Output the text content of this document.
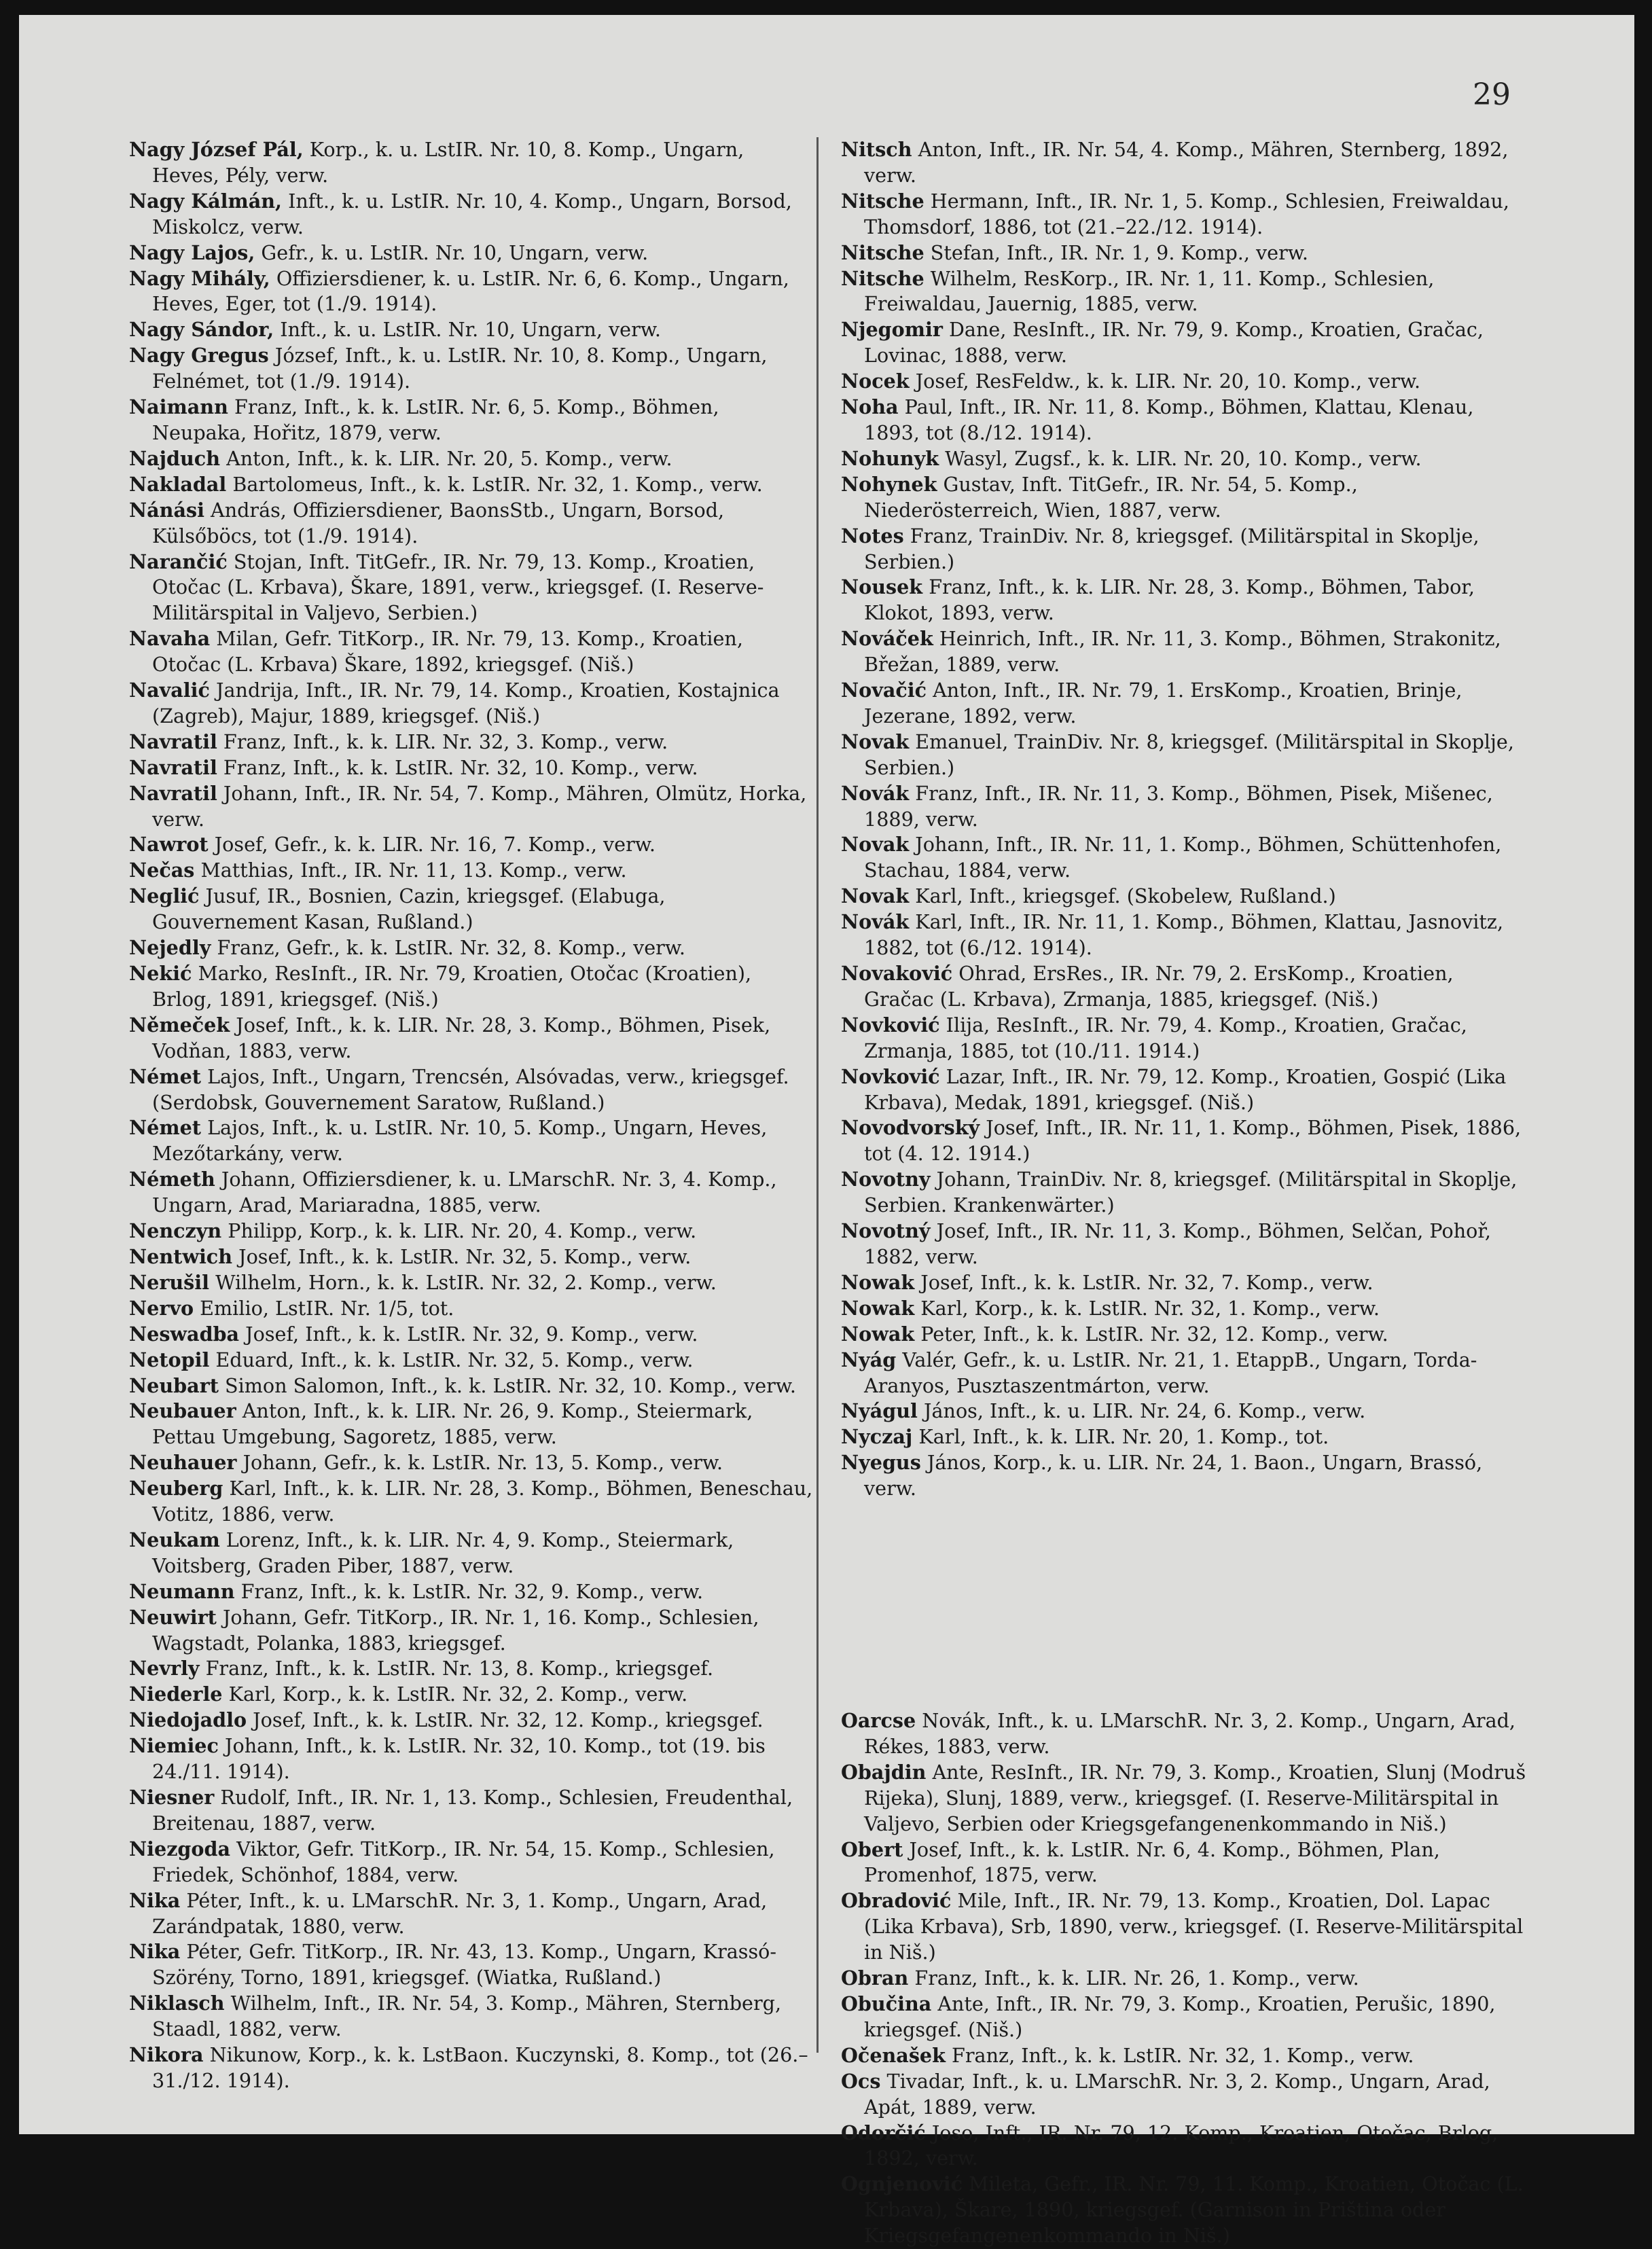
29
Nagy József Pál, Korp., k. u. LstIR. Nr. 10, 8. Komp., Ungarn, Heves, Pély, verw.
Nagy Kálmán, Inft., k. u. LstIR. Nr. 10, 4. Komp., Ungarn, Borsod, Miskolcz, verw.
Nagy Lajos, Gefr., k. u. LstIR. Nr. 10, Ungarn, verw.
Nagy Mihály, Offiziersdiener, k. u. LstIR. Nr. 6, 6. Komp., Ungarn, Heves, Eger, tot (1./9. 1914).
Nagy Sándor, Inft., k. u. LstIR. Nr. 10, Ungarn, verw.
Nagy Gregus József, Inft., k. u. LstIR. Nr. 10, 8. Komp., Ungarn, Felnémet, tot (1./9. 1914).
Naimann Franz, Inft., k. k. LstIR. Nr. 6, 5. Komp., Böhmen, Neupaka, Hořitz, 1879, verw.
Najduch Anton, Inft., k. k. LIR. Nr. 20, 5. Komp., verw.
Nakladal Bartolomeus, Inft., k. k. LstIR. Nr. 32, 1. Komp., verw.
Nánási András, Offiziersdiener, BaonsStb., Ungarn, Borsod, Külsőböcs, tot (1./9. 1914).
Narančić Stojan, Inft. TitGefr., IR. Nr. 79, 13. Komp., Kroatien, Otočac (L. Krbava), Škare, 1891, verw., kriegsgef. (I. Reserve-Militärspital in Valjevo, Serbien.)
Navaha Milan, Gefr. TitKorp., IR. Nr. 79, 13. Komp., Kroatien, Otočac (L. Krbava) Škare, 1892, kriegsgef. (Niš.)
Navalić Jandrija, Inft., IR. Nr. 79, 14. Komp., Kroatien, Kostajnica (Zagreb), Majur, 1889, kriegsgef. (Niš.)
Navratil Franz, Inft., k. k. LIR. Nr. 32, 3. Komp., verw.
Navratil Franz, Inft., k. k. LstIR. Nr. 32, 10. Komp., verw.
Navratil Johann, Inft., IR. Nr. 54, 7. Komp., Mähren, Olmütz, Horka, verw.
Nawrot Josef, Gefr., k. k. LIR. Nr. 16, 7. Komp., verw.
Nečas Matthias, Inft., IR. Nr. 11, 13. Komp., verw.
Neglić Jusuf, IR., Bosnien, Cazin, kriegsgef. (Elabuga, Gouvernement Kasan, Rußland.)
Nejedly Franz, Gefr., k. k. LstIR. Nr. 32, 8. Komp., verw.
Nekić Marko, ResInft., IR. Nr. 79, Kroatien, Otočac (Kroatien), Brlog, 1891, kriegsgef. (Niš.)
Němeček Josef, Inft., k. k. LIR. Nr. 28, 3. Komp., Böhmen, Pisek, Vodňan, 1883, verw.
Német Lajos, Inft., Ungarn, Trencsén, Alsóvadas, verw., kriegsgef. (Serdobsk, Gouvernement Saratow, Rußland.)
Német Lajos, Inft., k. u. LstIR. Nr. 10, 5. Komp., Ungarn, Heves, Mezőtarkány, verw.
Németh Johann, Offiziersdiener, k. u. LMarschR. Nr. 3, 4. Komp., Ungarn, Arad, Mariaradna, 1885, verw.
Nenczyn Philipp, Korp., k. k. LIR. Nr. 20, 4. Komp., verw.
Nentwich Josef, Inft., k. k. LstIR. Nr. 32, 5. Komp., verw.
Nerušil Wilhelm, Horn., k. k. LstIR. Nr. 32, 2. Komp., verw.
Nervo Emilio, LstIR. Nr. 1/5, tot.
Neswadba Josef, Inft., k. k. LstIR. Nr. 32, 9. Komp., verw.
Netopil Eduard, Inft., k. k. LstIR. Nr. 32, 5. Komp., verw.
Neubart Simon Salomon, Inft., k. k. LstIR. Nr. 32, 10. Komp., verw.
Neubauer Anton, Inft., k. k. LIR. Nr. 26, 9. Komp., Steiermark, Pettau Umgebung, Sagoretz, 1885, verw.
Neuhauer Johann, Gefr., k. k. LstIR. Nr. 13, 5. Komp., verw.
Neuberg Karl, Inft., k. k. LIR. Nr. 28, 3. Komp., Böhmen, Beneschau, Votitz, 1886, verw.
Neukam Lorenz, Inft., k. k. LIR. Nr. 4, 9. Komp., Steiermark, Voitsberg, Graden Piber, 1887, verw.
Neumann Franz, Inft., k. k. LstIR. Nr. 32, 9. Komp., verw.
Neuwirt Johann, Gefr. TitKorp., IR. Nr. 1, 16. Komp., Schlesien, Wagstadt, Polanka, 1883, kriegsgef.
Nevrly Franz, Inft., k. k. LstIR. Nr. 13, 8. Komp., kriegsgef.
Niederle Karl, Korp., k. k. LstIR. Nr. 32, 2. Komp., verw.
Niedojadlo Josef, Inft., k. k. LstIR. Nr. 32, 12. Komp., kriegsgef.
Niemiec Johann, Inft., k. k. LstIR. Nr. 32, 10. Komp., tot (19. bis 24./11. 1914).
Niesner Rudolf, Inft., IR. Nr. 1, 13. Komp., Schlesien, Freudenthal, Breitenau, 1887, verw.
Niezgoda Viktor, Gefr. TitKorp., IR. Nr. 54, 15. Komp., Schlesien, Friedek, Schönhof, 1884, verw.
Nika Péter, Inft., k. u. LMarschR. Nr. 3, 1. Komp., Ungarn, Arad, Zarándpatak, 1880, verw.
Nika Péter, Gefr. TitKorp., IR. Nr. 43, 13. Komp., Ungarn, Krassó-Szörény, Torno, 1891, kriegsgef. (Wiatka, Rußland.)
Niklasch Wilhelm, Inft., IR. Nr. 54, 3. Komp., Mähren, Sternberg, Staadl, 1882, verw.
Nikora Nikunow, Korp., k. k. LstBaon. Kuczynski, 8. Komp., tot (26.–31./12. 1914).
Nitsch Anton, Inft., IR. Nr. 54, 4. Komp., Mähren, Sternberg, 1892, verw.
Nitsche Hermann, Inft., IR. Nr. 1, 5. Komp., Schlesien, Freiwaldau, Thomsdorf, 1886, tot (21.–22./12. 1914).
Nitsche Stefan, Inft., IR. Nr. 1, 9. Komp., verw.
Nitsche Wilhelm, ResKorp., IR. Nr. 1, 11. Komp., Schlesien, Freiwaldau, Jauernig, 1885, verw.
Njegomir Dane, ResInft., IR. Nr. 79, 9. Komp., Kroatien, Gračac, Lovinac, 1888, verw.
Nocek Josef, ResFeldw., k. k. LIR. Nr. 20, 10. Komp., verw.
Noha Paul, Inft., IR. Nr. 11, 8. Komp., Böhmen, Klattau, Klenau, 1893, tot (8./12. 1914).
Nohunyk Wasyl, Zugsf., k. k. LIR. Nr. 20, 10. Komp., verw.
Nohynek Gustav, Inft. TitGefr., IR. Nr. 54, 5. Komp., Niederösterreich, Wien, 1887, verw.
Notes Franz, TrainDiv. Nr. 8, kriegsgef. (Militärspital in Skoplje, Serbien.)
Nousek Franz, Inft., k. k. LIR. Nr. 28, 3. Komp., Böhmen, Tabor, Klokot, 1893, verw.
Nováček Heinrich, Inft., IR. Nr. 11, 3. Komp., Böhmen, Strakonitz, Břežan, 1889, verw.
Novačić Anton, Inft., IR. Nr. 79, 1. ErsKomp., Kroatien, Brinje, Jezerane, 1892, verw.
Novak Emanuel, TrainDiv. Nr. 8, kriegsgef. (Militärspital in Skoplje, Serbien.)
Novák Franz, Inft., IR. Nr. 11, 3. Komp., Böhmen, Pisek, Mišenec, 1889, verw.
Novak Johann, Inft., IR. Nr. 11, 1. Komp., Böhmen, Schüttenhofen, Stachau, 1884, verw.
Novak Karl, Inft., kriegsgef. (Skobelew, Rußland.)
Novák Karl, Inft., IR. Nr. 11, 1. Komp., Böhmen, Klattau, Jasnovitz, 1882, tot (6./12. 1914).
Novaković Ohrad, ErsRes., IR. Nr. 79, 2. ErsKomp., Kroatien, Gračac (L. Krbava), Zrmanja, 1885, kriegsgef. (Niš.)
Novković Ilija, ResInft., IR. Nr. 79, 4. Komp., Kroatien, Gračac, Zrmanja, 1885, tot (10./11. 1914.)
Novković Lazar, Inft., IR. Nr. 79, 12. Komp., Kroatien, Gospić (Lika Krbava), Medak, 1891, kriegsgef. (Niš.)
Novodvorský Josef, Inft., IR. Nr. 11, 1. Komp., Böhmen, Pisek, 1886, tot (4. 12. 1914.)
Novotny Johann, TrainDiv. Nr. 8, kriegsgef. (Militärspital in Skoplje, Serbien. Krankenwärter.)
Novotný Josef, Inft., IR. Nr. 11, 3. Komp., Böhmen, Selčan, Pohoř, 1882, verw.
Nowak Josef, Inft., k. k. LstIR. Nr. 32, 7. Komp., verw.
Nowak Karl, Korp., k. k. LstIR. Nr. 32, 1. Komp., verw.
Nowak Peter, Inft., k. k. LstIR. Nr. 32, 12. Komp., verw.
Nyág Valér, Gefr., k. u. LstIR. Nr. 21, 1. EtappB., Ungarn, Torda-Aranyos, Pusztaszentmárton, verw.
Nyágul János, Inft., k. u. LIR. Nr. 24, 6. Komp., verw.
Nyczaj Karl, Inft., k. k. LIR. Nr. 20, 1. Komp., tot.
Nyegus János, Korp., k. u. LIR. Nr. 24, 1. Baon., Ungarn, Brassó, verw.
Oarcse Novák, Inft., k. u. LMarschR. Nr. 3, 2. Komp., Ungarn, Arad, Rékes, 1883, verw.
Obajdin Ante, ResInft., IR. Nr. 79, 3. Komp., Kroatien, Slunj (Modruš Rijeka), Slunj, 1889, verw., kriegsgef. (I. Reserve-Militärspital in Valjevo, Serbien oder Kriegsgefangenenkommando in Niš.)
Obert Josef, Inft., k. k. LstIR. Nr. 6, 4. Komp., Böhmen, Plan, Promenhof, 1875, verw.
Obradović Mile, Inft., IR. Nr. 79, 13. Komp., Kroatien, Dol. Lapac (Lika Krbava), Srb, 1890, verw., kriegsgef. (I. Reserve-Militärspital in Niš.)
Obran Franz, Inft., k. k. LIR. Nr. 26, 1. Komp., verw.
Obučina Ante, Inft., IR. Nr. 79, 3. Komp., Kroatien, Perušic, 1890, kriegsgef. (Niš.)
Očenašek Franz, Inft., k. k. LstIR. Nr. 32, 1. Komp., verw.
Ocs Tivadar, Inft., k. u. LMarschR. Nr. 3, 2. Komp., Ungarn, Arad, Apát, 1889, verw.
Odorčić Joso, Inft., IR. Nr. 79, 12. Komp., Kroatien, Otočac, Brlog, 1892, verw.
Ognjenović Mileta, Gefr., IR. Nr. 79, 11. Komp., Kroatien, Otočac (L. Krbava), Škare, 1890, kriegsgef. (Garnison in Priština oder Kriegsgefangenenkommando in Niš.)
